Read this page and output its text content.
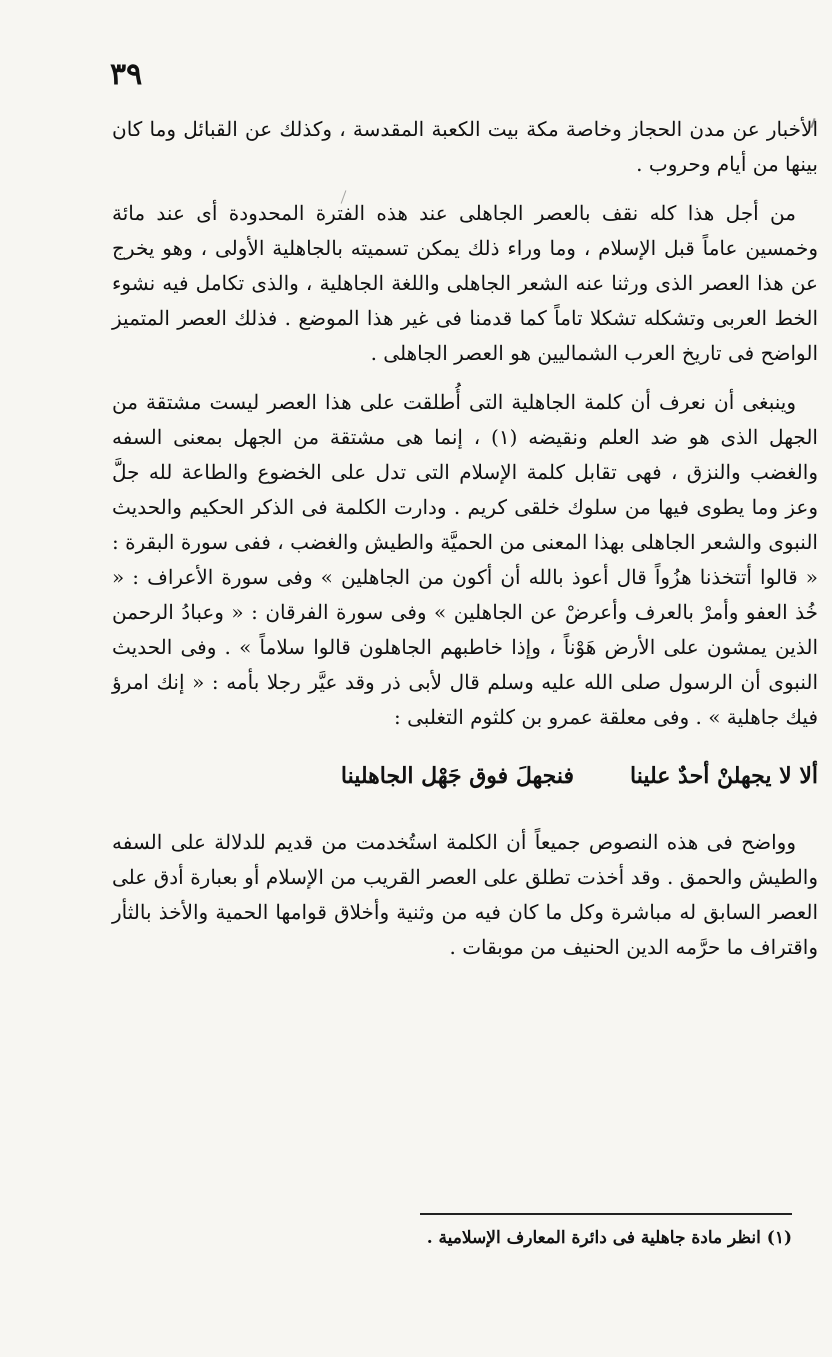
٣٩

الأخبار عن مدن الحجاز وخاصة مكة بيت الكعبة المقدسة ، وكذلك عن القبائل وما كان بينها من أيام وحروب .

من أجل هذا كله نقف بالعصر الجاهلى عند هذه الفترة المحدودة أى عند مائة وخمسين عاماً قبل الإسلام ، وما وراء ذلك يمكن تسميته بالجاهلية الأولى ، وهو يخرج عن هذا العصر الذى ورثنا عنه الشعر الجاهلى واللغة الجاهلية ، والذى تكامل فيه نشوء الخط العربى وتشكله تشكلا تاماً كما قدمنا فى غير هذا الموضع . فذلك العصر المتميز الواضح فى تاريخ العرب الشماليين هو العصر الجاهلى .

وينبغى أن نعرف أن كلمة الجاهلية التى أُطلقت على هذا العصر ليست مشتقة من الجهل الذى هو ضد العلم ونقيضه (١) ، إنما هى مشتقة من الجهل بمعنى السفه والغضب والنزق ، فهى تقابل كلمة الإسلام التى تدل على الخضوع والطاعة لله جلَّ وعز وما يطوى فيها من سلوك خلقى كريم . ودارت الكلمة فى الذكر الحكيم والحديث النبوى والشعر الجاهلى بهذا المعنى من الحميَّة والطيش والغضب ، ففى سورة البقرة : « قالوا أتتخذنا هزُواً قال أعوذ بالله أن أكون من الجاهلين » وفى سورة الأعراف : « خُذ العفو وأمرْ بالعرف وأعرضْ عن الجاهلين » وفى سورة الفرقان : « وعبادُ الرحمن الذين يمشون على الأرض هَوْناً ، وإذا خاطبهم الجاهلون قالوا سلاماً » . وفى الحديث النبوى أن الرسول صلى الله عليه وسلم قال لأبى ذر وقد عيَّر رجلا بأمه : « إنك امرؤ فيك جاهلية » . وفى معلقة عمرو بن كلثوم التغلبى :

ألا لا يجهلنْ أحدٌ علينافنجهلَ فوق جَهْل الجاهلينا

وواضح فى هذه النصوص جميعاً أن الكلمة استُخدمت من قديم للدلالة على السفه والطيش والحمق . وقد أخذت تطلق على العصر القريب من الإسلام أو بعبارة أدق على العصر السابق له مباشرة وكل ما كان فيه من وثنية وأخلاق قوامها الحمية والأخذ بالثأر واقتراف ما حرَّمه الدين الحنيف من موبقات .

(١) انظر مادة جاهلية فى دائرة المعارف الإسلامية .
